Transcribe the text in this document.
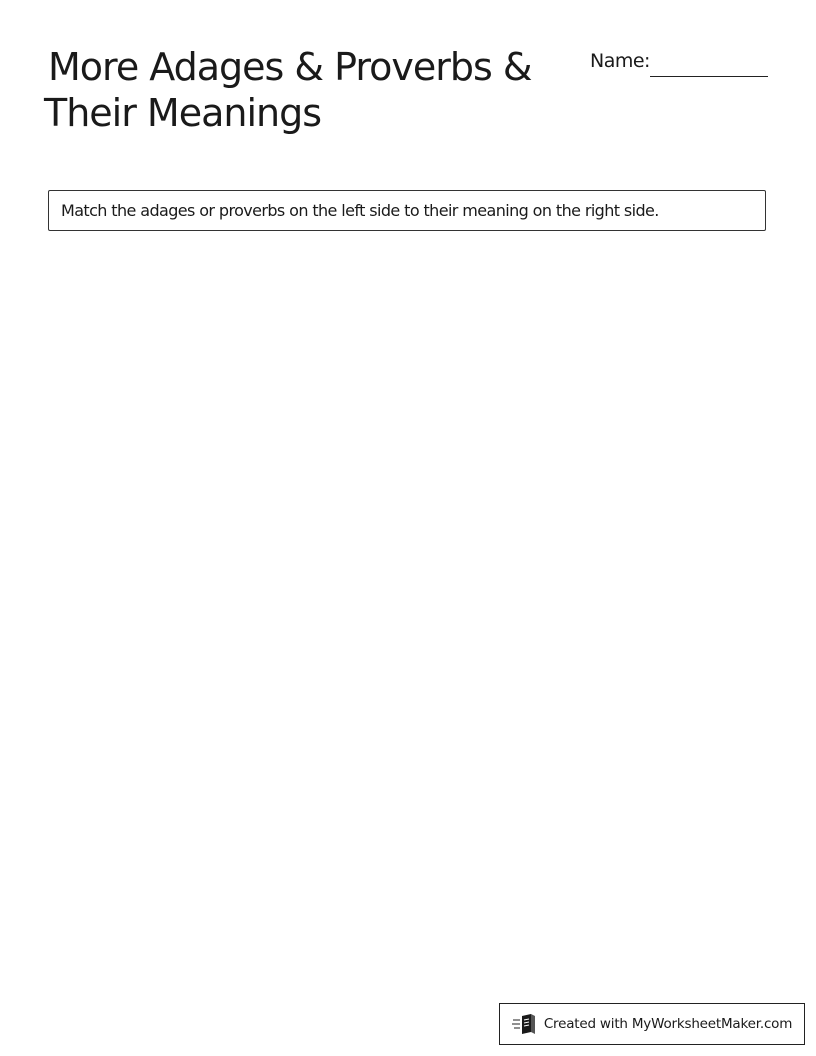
More Adages & Proverbs &
Their Meanings
Name:
Match the adages or proverbs on the left side to their meaning on the right side.
Created with MyWorksheetMaker.com
